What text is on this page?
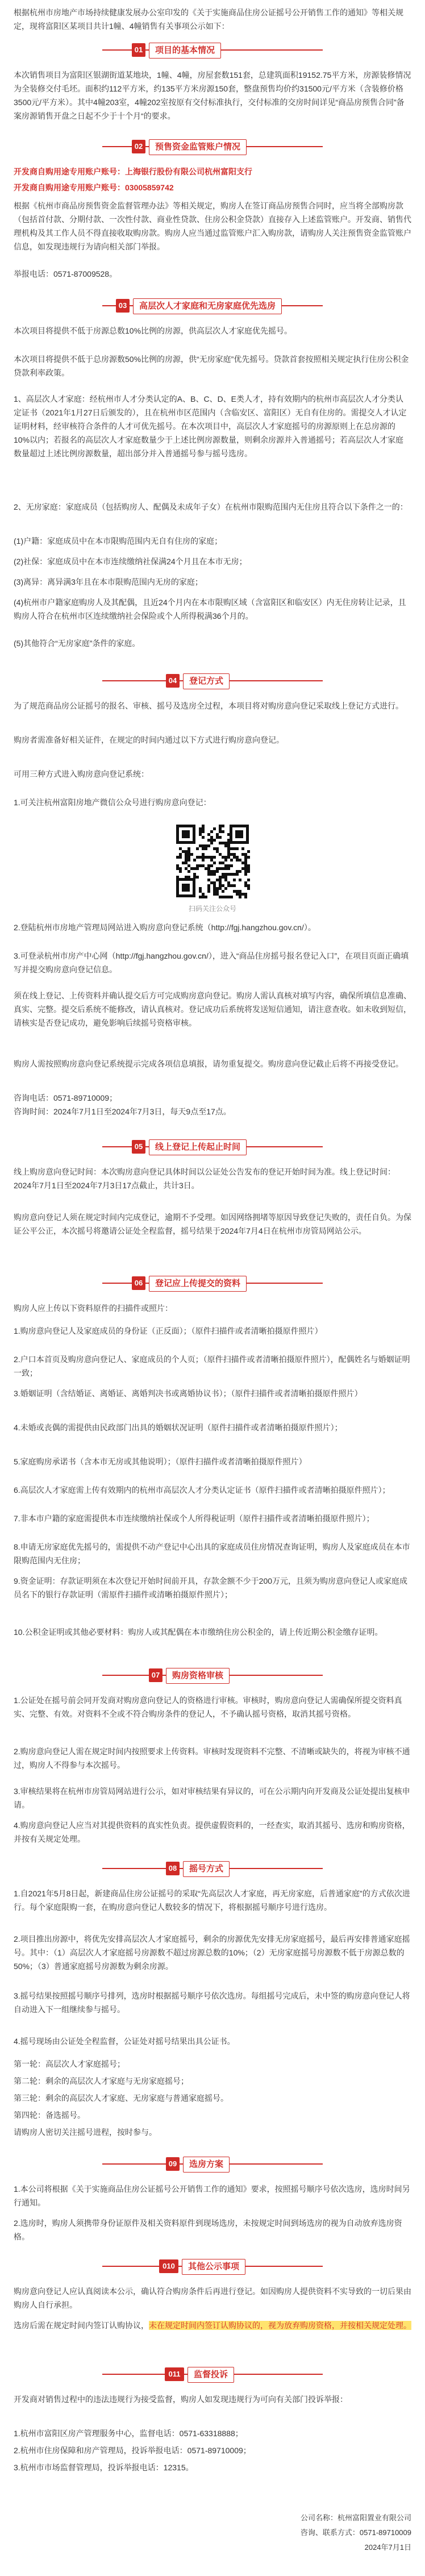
根据杭州市房地产市场持续健康发展办公室印发的《关于实施商品住房公证摇号公开销售工作的通知》等相关规定，现将富阳区某项目共计1幢、4幢销售有关事项公示如下：

01	项目的基本情况

本次销售项目为富阳区银湖街道某地块，1幢、4幢，房屋套数151套，总建筑面积19152.75平方米，房源装修情况为全装修交付毛坯。面积约112平方米，约135平方米房源150套，整盘预售均价约31500元/平方米（含装修价格3500元/平方米）。其中4幢203室，4幢202室按原有交付标准执行，交付标准的交房时间详见“商品房预售合同”备案房源销售开盘之日起不少于十个月“的要求。

02	预售资金监管账户情况

开发商自购用途专用账户账号：上海银行股份有限公司杭州富阳支行

开发商自购用途专用账户账号：03005859742

根据《杭州市商品房预售资金监督管理办法》等相关规定，购房人在签订商品房预售合同时，应当将全部购房款（包括首付款、分期付款、一次性付款、商业性贷款、住房公积金贷款）直接存入上述监管账户。开发商、销售代理机构及其工作人员不得直接收取购房款。购房人应当通过监管账户汇入购房款，请购房人关注预售资金监管账户信息，如发现违规行为请向相关部门举报。

举报电话：0571-87009528。

03	高层次人才家庭和无房家庭优先选房

本次项目将提供不低于房源总数10%比例的房源，供高层次人才家庭优先摇号。

本次项目将提供不低于总房源数50%比例的房源，供“无房家庭”优先摇号。贷款首套按照相关规定执行住房公积金贷款利率政策。

1、高层次人才家庭：经杭州市人才分类认定的A、B、C、D、E类人才，持有效期内的杭州市高层次人才分类认定证书（2021年1月27日后颁发的），且在杭州市区范围内（含临安区、富阳区）无自有住房的。需提交人才认定证明材料，经审核符合条件的人才可优先摇号。在本次项目中，高层次人才家庭摇号的房源原则上在总房源的10%以内；若报名的高层次人才家庭数量少于上述比例房源数量，则剩余房源并入普通摇号；若高层次人才家庭数量超过上述比例房源数量，超出部分并入普通摇号参与摇号选房。

2、无房家庭：家庭成员（包括购房人、配偶及未成年子女）在杭州市限购范围内无住房且符合以下条件之一的：

(1)户籍：家庭成员中在本市限购范围内无自有住房的家庭；

(2)社保：家庭成员中在本市连续缴纳社保满24个月且在本市无房；

(3)离异：离异满3年且在本市限购范围内无房的家庭；

(4)杭州市户籍家庭购房人及其配偶，且近24个月内在本市限购区域（含富阳区和临安区）内无住房转让记录，且购房人符合在杭州市区连续缴纳社会保险或个人所得税满36个月的。

(5)其他符合“无房家庭”条件的家庭。

04	登记方式

为了规范商品房公证摇号的报名、审核、摇号及选房全过程，本项目将对购房意向登记采取线上登记方式进行。

购房者需准备好相关证件，在规定的时间内通过以下方式进行购房意向登记。

可用三种方式进入购房意向登记系统：

1.可关注杭州富阳房地产微信公众号进行购房意向登记：

扫码关注公众号

2.登陆杭州市房地产管理局网站进入购房意向登记系统（http://fgj.hangzhou.gov.cn/）。

3.可登录杭州市房产中心网（http://fgj.hangzhou.gov.cn/），进入“商品住房摇号报名登记入口”，在项目页面正确填写并提交购房意向登记信息。

须在线上登记、上传资料并确认提交后方可完成购房意向登记。购房人需认真核对填写内容，确保所填信息准确、真实、完整。提交后系统不能修改，请认真核对。登记成功后系统将发送短信通知，请注意查收。如未收到短信，请核实是否登记成功，避免影响后续摇号资格审核。

购房人需按照购房意向登记系统提示完成各项信息填报，请勿重复提交。购房意向登记截止后将不再接受登记。

咨询电话：0571-89710009；

咨询时间：2024年7月1日至2024年7月3日，每天9点至17点。

05	线上登记上传起止时间

线上购房意向登记时间：本次购房意向登记具体时间以公证处公告发布的登记开始时间为准。线上登记时间：2024年7月1日至2024年7月3日17点截止，共计3日。

购房意向登记人须在规定时间内完成登记，逾期不予受理。如因网络拥堵等原因导致登记失败的，责任自负。为保证公平公正，本次摇号将邀请公证处全程监督，摇号结果于2024年7月4日在杭州市房管局网站公示。

06	登记应上传提交的资料

购房人应上传以下资料原件的扫描件或照片：

1.购房意向登记人及家庭成员的身份证（正反面）；（原件扫描件或者清晰拍摄原件照片）

2.户口本首页及购房意向登记人、家庭成员的个人页；（原件扫描件或者清晰拍摄原件照片），配偶姓名与婚姻证明一致；

3.婚姻证明（含结婚证、离婚证、离婚判决书或离婚协议书）；（原件扫描件或者清晰拍摄原件照片）

4.未婚或丧偶的需提供由民政部门出具的婚姻状况证明（原件扫描件或者清晰拍摄原件照片）；

5.家庭购房承诺书（含本市无房或其他说明）；（原件扫描件或者清晰拍摄原件照片）

6.高层次人才家庭需上传有效期内的杭州市高层次人才分类认定证书（原件扫描件或者清晰拍摄原件照片）；

7.非本市户籍的家庭需提供本市连续缴纳社保或个人所得税证明（原件扫描件或者清晰拍摄原件照片）；

8.申请无房家庭优先摇号的，需提供不动产登记中心出具的家庭成员住房情况查询证明，购房人及家庭成员在本市限购范围内无住房；

9.资金证明：存款证明须在本次登记开始时间前开具，存款金额不少于200万元，且须为购房意向登记人或家庭成员名下的银行存款证明（需原件扫描件或清晰拍摄原件照片）；

10.公积金证明或其他必要材料：购房人或其配偶在本市缴纳住房公积金的，请上传近期公积金缴存证明。

07	购房资格审核

1.公证处在摇号前会同开发商对购房意向登记人的资格进行审核。审核时，购房意向登记人需确保所提交资料真实、完整、有效。对资料不全或不符合购房条件的登记人，不予确认摇号资格，取消其摇号资格。

2.购房意向登记人需在规定时间内按照要求上传资料。审核时发现资料不完整、不清晰或缺失的，将视为审核不通过，购房人不得参与本次摇号。

3.审核结果将在杭州市房管局网站进行公示，如对审核结果有异议的，可在公示期内向开发商及公证处提出复核申请。

4.购房意向登记人应当对其提供资料的真实性负责。提供虚假资料的，一经查实，取消其摇号、选房和购房资格，并按有关规定处理。

08	摇号方式

1.自2021年5月8日起，新建商品住房公证摇号的采取“先高层次人才家庭，再无房家庭，后普通家庭”的方式依次进行。每个家庭限购一套，在购房意向登记人数较多的情况下，将根据摇号顺序号进行选房。

2.项目推出房源中，将优先安排高层次人才家庭摇号，剩余的房源优先安排无房家庭摇号，最后再安排普通家庭摇号。其中：（1）高层次人才家庭摇号房源数不超过房源总数的10%；（2）无房家庭摇号房源数不低于房源总数的50%；（3）普通家庭摇号房源数为剩余房源。

3.摇号结果按照摇号顺序号排列，选房时根据摇号顺序号依次选房。每组摇号完成后，未中签的购房意向登记人将自动进入下一组继续参与摇号。

4.摇号现场由公证处全程监督，公证处对摇号结果出具公证书。

第一轮：高层次人才家庭摇号；

第二轮：剩余的高层次人才家庭与无房家庭摇号；

第三轮：剩余的高层次人才家庭、无房家庭与普通家庭摇号。

第四轮：备选摇号。

请购房人密切关注摇号进程，按时参与。

09	选房方案

1.本公司将根据《关于实施商品住房公证摇号公开销售工作的通知》要求，按照摇号顺序号依次选房，选房时间另行通知。

2.选房时，购房人须携带身份证原件及相关资料原件到现场选房，未按规定时间到场选房的视为自动放弃选房资格。

010	其他公示事项

购房意向登记人应认真阅读本公示，确认符合购房条件后再进行登记。如因购房人提供资料不实导致的一切后果由购房人自行承担。

选房后需在规定时间内签订认购协议，未在规定时间内签订认购协议的，视为放弃购房资格，并按相关规定处理。

011	监督投诉

开发商对销售过程中的违法违规行为接受监督，购房人如发现违规行为可向有关部门投诉举报：

1.杭州市富阳区房产管理服务中心，监督电话：0571-63318888；

2.杭州市住房保障和房产管理局，投诉举报电话：0571-89710009；

3.杭州市市场监督管理局，投诉举报电话：12315。

公司名称：杭州富阳置业有限公司
咨询、联系方式：0571-89710009
2024年7月1日
